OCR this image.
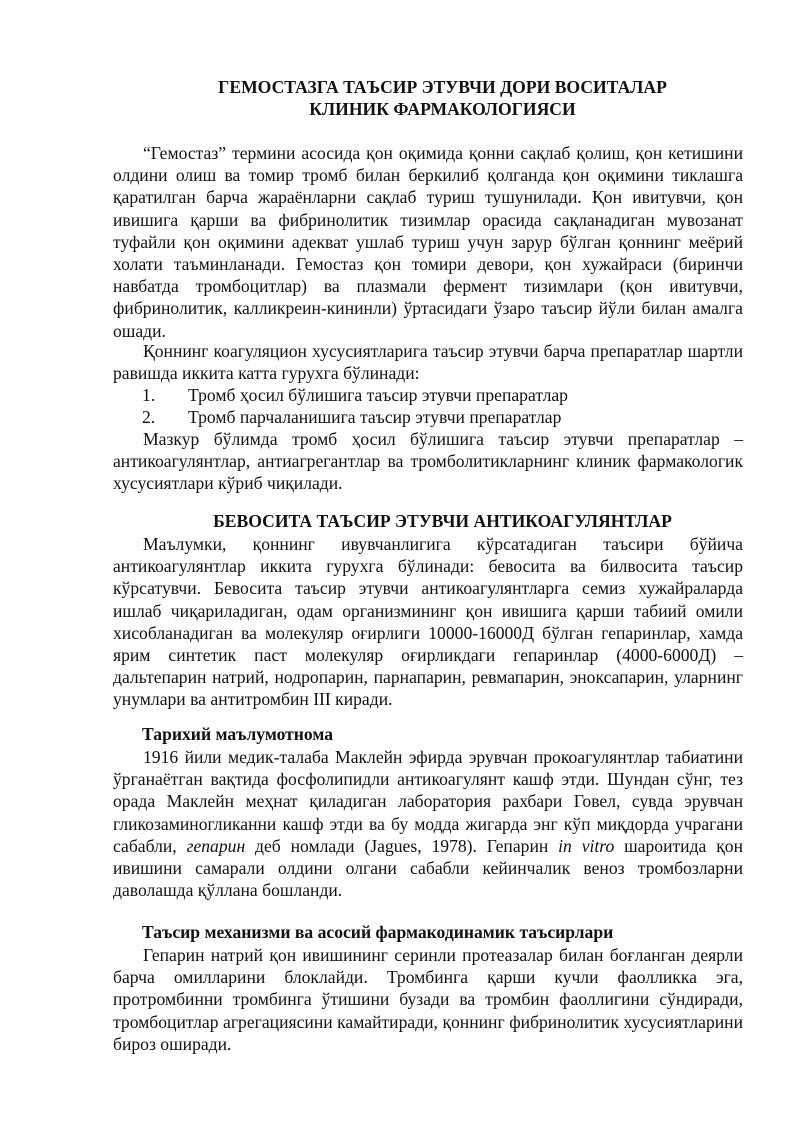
ГЕМОСТАЗГА ТАЪСИР ЭТУВЧИ ДОРИ ВОСИТАЛАР
КЛИНИК ФАРМАКОЛОГИЯСИ

“Гемостаз” термини асосида қон оқимида қонни сақлаб қолиш, қон кетишини олдини олиш ва томир тромб билан беркилиб қолганда қон оқимини тиклашга қаратилган барча жараёнларни сақлаб туриш тушунилади. Қон ивитувчи, қон ивишига қарши ва фибринолитик тизимлар орасида сақланадиган мувозанат туфайли қон оқимини адекват ушлаб туриш учун зарур бўлган қоннинг меёрий холати таъминланади. Гемостаз қон томири девори, қон хужайраси (биринчи навбатда тромбоцитлар) ва плазмали фермент тизимлари (қон ивитувчи, фибринолитик, калликреин-кининли) ўртасидаги ўзаро таъсир йўли билан амалга ошади.

Қоннинг коагуляцион хусусиятларига таъсир этувчи барча препаратлар шартли равишда иккита катта гурухга бўлинади:

1. Тромб ҳосил бўлишига таъсир этувчи препаратлар
2. Тромб парчаланишига таъсир этувчи препаратлар

Мазкур бўлимда тромб ҳосил бўлишига таъсир этувчи препаратлар – антикоагулянтлар, антиагрегантлар ва тромболитикларнинг клиник фармакологик хусусиятлари кўриб чиқилади.

БЕВОСИТА ТАЪСИР ЭТУВЧИ АНТИКОАГУЛЯНТЛАР

Маълумки, қоннинг ивувчанлигига кўрсатадиган таъсири бўйича антикоагулянтлар иккита гурухга бўлинади: бевосита ва билвосита таъсир кўрсатувчи. Бевосита таъсир этувчи антикоагулянтларга семиз хужайраларда ишлаб чиқариладиган, одам организмининг қон ивишига қарши табиий омили хисобланадиган ва молекуляр оғирлиги 10000-16000Д бўлган гепаринлар, хамда ярим синтетик паст молекуляр оғирликдаги гепаринлар (4000-6000Д) – дальтепарин натрий, нодропарин, парнапарин, ревмапарин, эноксапарин, уларнинг унумлари ва антитромбин III киради.

Тарихий маълумотнома

1916 йили медик-талаба Маклейн эфирда эрувчан прокоагулянтлар табиатини ўрганаётган вақтида фосфолипидли антикоагулянт кашф этди. Шундан сўнг, тез орада Маклейн меҳнат қиладиган лаборатория рахбари Говел, сувда эрувчан гликозаминогликанни кашф этди ва бу модда жигарда энг кўп миқдорда учрагани сабабли, гепарин деб номлади (Jagues, 1978). Гепарин in vitro шароитида қон ивишини самарали олдини олгани сабабли кейинчалик веноз тромбозларни даволашда қўллана бошланди.

Таъсир механизми ва асосий фармакодинамик таъсирлари

Гепарин натрий қон ивишининг серинли протеазалар билан боғланган деярли барча омилларини блоклайди. Тромбинга қарши кучли фаолликка эга, протромбинни тромбинга ўтишини бузади ва тромбин фаоллигини сўндиради, тромбоцитлар агрегациясини камайтиради, қоннинг фибринолитик хусусиятларини бироз оширади.
